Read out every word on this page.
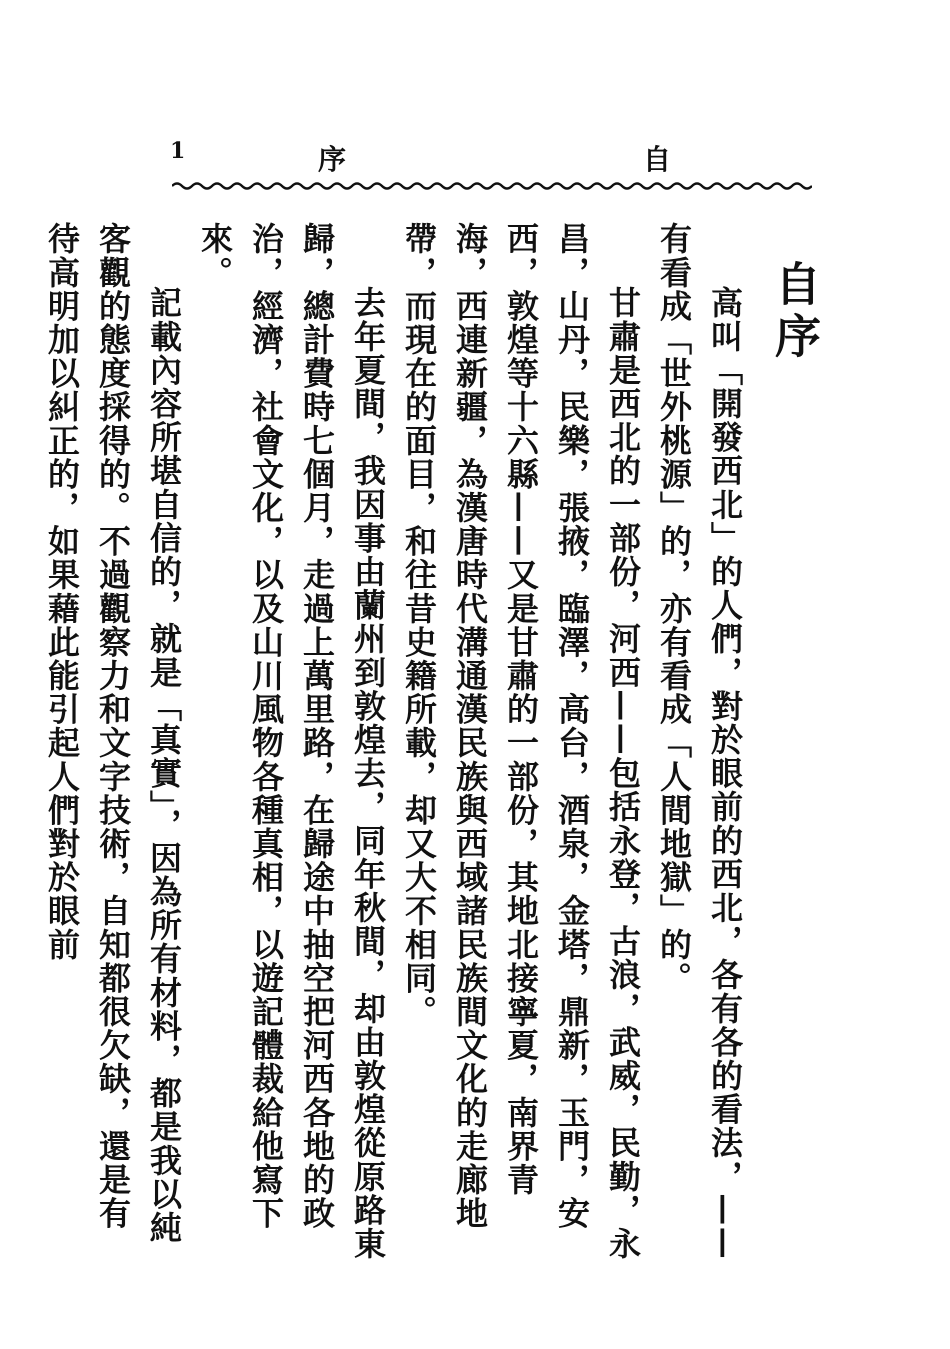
1	序	自
自序

高叫「開發西北」的人們，對於眼前的西北，各有各的看法，——有看成「世外桃源」的，亦有看成「人間地獄」的。

甘肅是西北的一部份，河西——包括永登，古浪，武威，民勤，永昌，山丹，民樂，張掖，臨澤，高台，酒泉，金塔，鼎新，玉門，安西，敦煌等十六縣——又是甘肅的一部份，其地北接寧夏，南界青海，西連新疆，為漢唐時代溝通漢民族與西域諸民族間文化的走廊地帶，而現在的面目，和往昔史籍所載，却又大不相同。

去年夏間，我因事由蘭州到敦煌去，同年秋間，却由敦煌從原路東歸，總計費時七個月，走過上萬里路，在歸途中抽空把河西各地的政治，經濟，社會文化，以及山川風物各種真相，以遊記體裁給他寫下來。

記載內容所堪自信的，就是「真實」，因為所有材料，都是我以純客觀的態度採得的。不過觀察力和文字技術，自知都很欠缺，還是有待高明加以糾正的，如果藉此能引起人們對於眼前
